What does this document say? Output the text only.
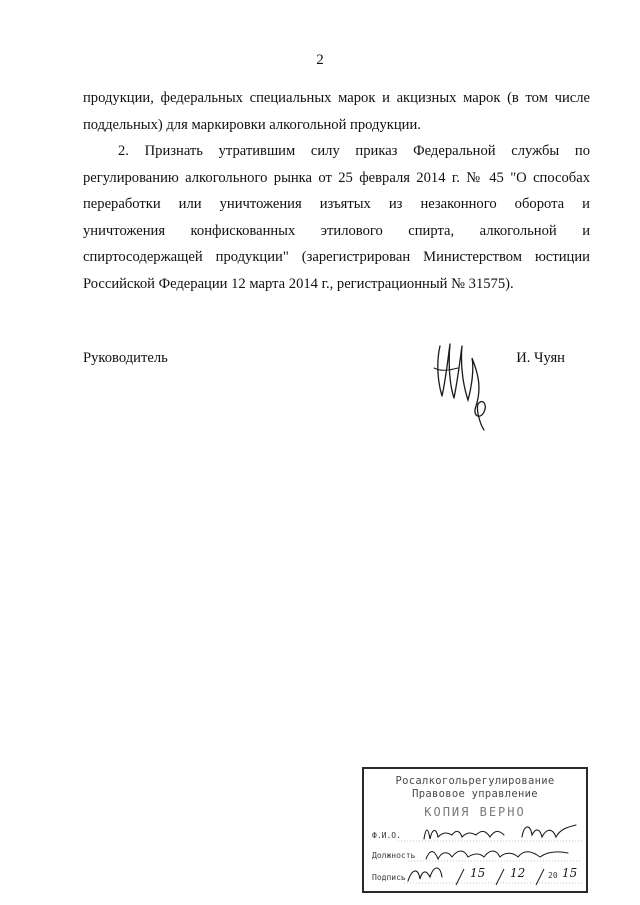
2
продукции, федеральных специальных марок и акцизных марок (в том числе
поддельных) для маркировки алкогольной продукции.
2. Признать утратившим силу приказ Федеральной службы по
регулированию алкогольного рынка от 25 февраля 2014 г. № 45 "О способах
переработки или уничтожения изъятых из незаконного оборота и
уничтожения конфискованных этилового спирта, алкогольной и
спиртосодержащей продукции" (зарегистрирован Министерством юстиции
Российской Федерации 12 марта 2014 г., регистрационный № 31575).
Руководитель	И. Чуян
Росалкогольрегулирование
Правовое управление
КОПИЯ ВЕРНО
Ф.И.О.
Должность
Подпись	15 12	20 15
